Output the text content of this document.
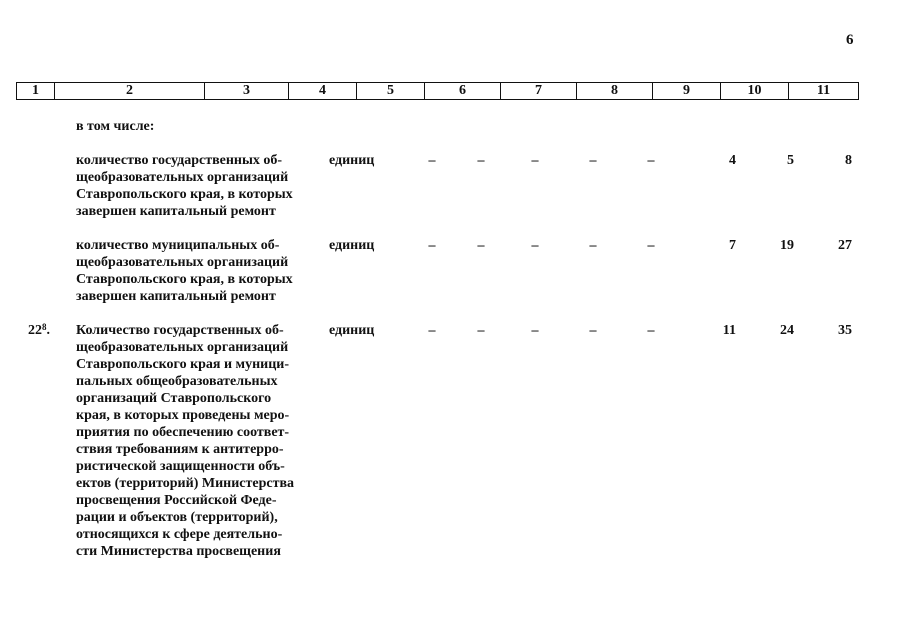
6
1	2	3	4	5	6	7	8	9	10	11
в том числе:
количество государственных об-
щеобразовательных организаций
Ставропольского края, в которых
завершен капитальный ремонт
единиц	–	–	–	–	–	4	5	8
количество муниципальных об-
щеобразовательных организаций
Ставропольского края, в которых
завершен капитальный ремонт
единиц	–	–	–	–	–	7	19	27
$22^8$. Количество государственных об-
щеобразовательных организаций
Ставропольского края и муници-
пальных общеобразовательных
организаций Ставропольского
края, в которых проведены меро-
приятия по обеспечению соответ-
ствия требованиям к антитерро-
ристической защищенности объ-
ектов (территорий) Министерства
просвещения Российской Феде-
рации и объектов (территорий),
относящихся к сфере деятельно-
сти Министерства просвещения
единиц	–	–	–	–	–	11	24	35
